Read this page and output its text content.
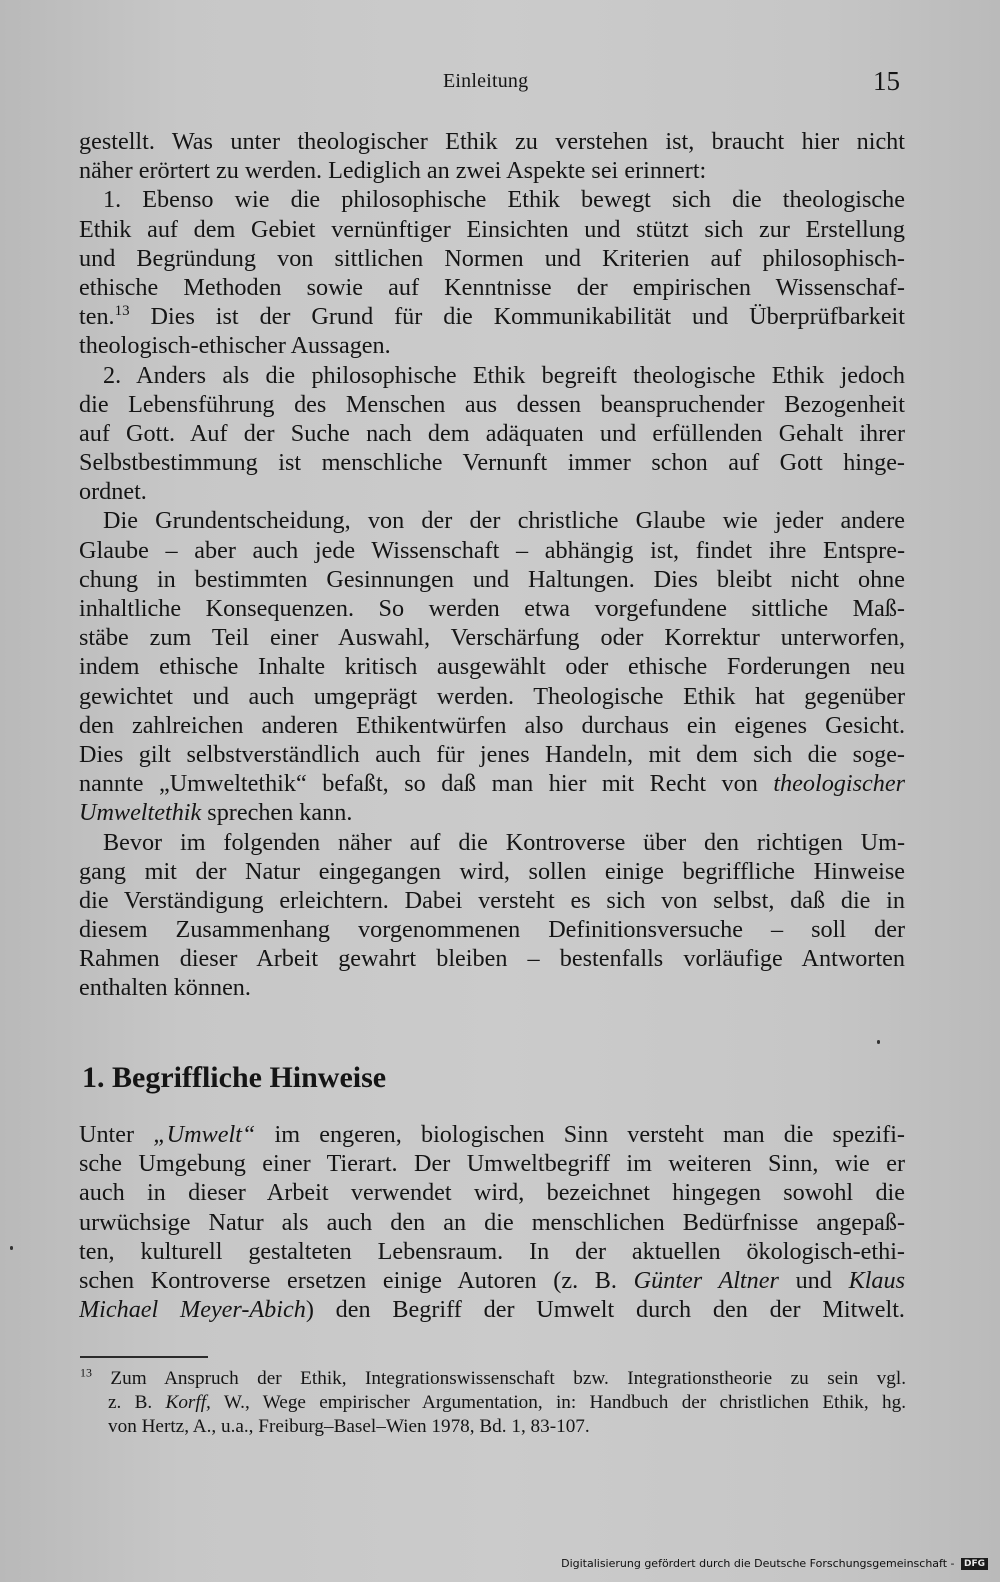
Einleitung	15
gestellt. Was unter theologischer Ethik zu verstehen ist, braucht hier nicht
näher erörtert zu werden. Lediglich an zwei Aspekte sei erinnert:
1. Ebenso wie die philosophische Ethik bewegt sich die theologische
Ethik auf dem Gebiet vernünftiger Einsichten und stützt sich zur Erstellung
und Begründung von sittlichen Normen und Kriterien auf philosophisch-
ethische Methoden sowie auf Kenntnisse der empirischen Wissenschaf-
ten.$^{13}$ Dies ist der Grund für die Kommunikabilität und Überprüfbarkeit
theologisch-ethischer Aussagen.
2. Anders als die philosophische Ethik begreift theologische Ethik jedoch
die Lebensführung des Menschen aus dessen beanspruchender Bezogenheit
auf Gott. Auf der Suche nach dem adäquaten und erfüllenden Gehalt ihrer
Selbstbestimmung ist menschliche Vernunft immer schon auf Gott hinge-
ordnet.
Die Grundentscheidung, von der der christliche Glaube wie jeder andere
Glaube – aber auch jede Wissenschaft – abhängig ist, findet ihre Entspre-
chung in bestimmten Gesinnungen und Haltungen. Dies bleibt nicht ohne
inhaltliche Konsequenzen. So werden etwa vorgefundene sittliche Maß-
stäbe zum Teil einer Auswahl, Verschärfung oder Korrektur unterworfen,
indem ethische Inhalte kritisch ausgewählt oder ethische Forderungen neu
gewichtet und auch umgeprägt werden. Theologische Ethik hat gegenüber
den zahlreichen anderen Ethikentwürfen also durchaus ein eigenes Gesicht.
Dies gilt selbstverständlich auch für jenes Handeln, mit dem sich die soge-
nannte „Umweltethik“ befaßt, so daß man hier mit Recht von theologischer
Umweltethik sprechen kann.
Bevor im folgenden näher auf die Kontroverse über den richtigen Um-
gang mit der Natur eingegangen wird, sollen einige begriffliche Hinweise
die Verständigung erleichtern. Dabei versteht es sich von selbst, daß die in
diesem Zusammenhang vorgenommenen Definitionsversuche – soll der
Rahmen dieser Arbeit gewahrt bleiben – bestenfalls vorläufige Antworten
enthalten können.
1. Begriffliche Hinweise
Unter „Umwelt“ im engeren, biologischen Sinn versteht man die spezifi-
sche Umgebung einer Tierart. Der Umweltbegriff im weiteren Sinn, wie er
auch in dieser Arbeit verwendet wird, bezeichnet hingegen sowohl die
urwüchsige Natur als auch den an die menschlichen Bedürfnisse angepaß-
ten, kulturell gestalteten Lebensraum. In der aktuellen ökologisch-ethi-
schen Kontroverse ersetzen einige Autoren (z. B. Günter Altner und Klaus
Michael Meyer-Abich) den Begriff der Umwelt durch den der Mitwelt.
$^{13}$ Zum Anspruch der Ethik, Integrationswissenschaft bzw. Integrationstheorie zu sein vgl.
z. B. Korff, W., Wege empirischer Argumentation, in: Handbuch der christlichen Ethik, hg.
von Hertz, A., u.a., Freiburg–Basel–Wien 1978, Bd. 1, 83-107.
Digitalisierung gefördert durch die Deutsche Forschungsgemeinschaft - DFG
